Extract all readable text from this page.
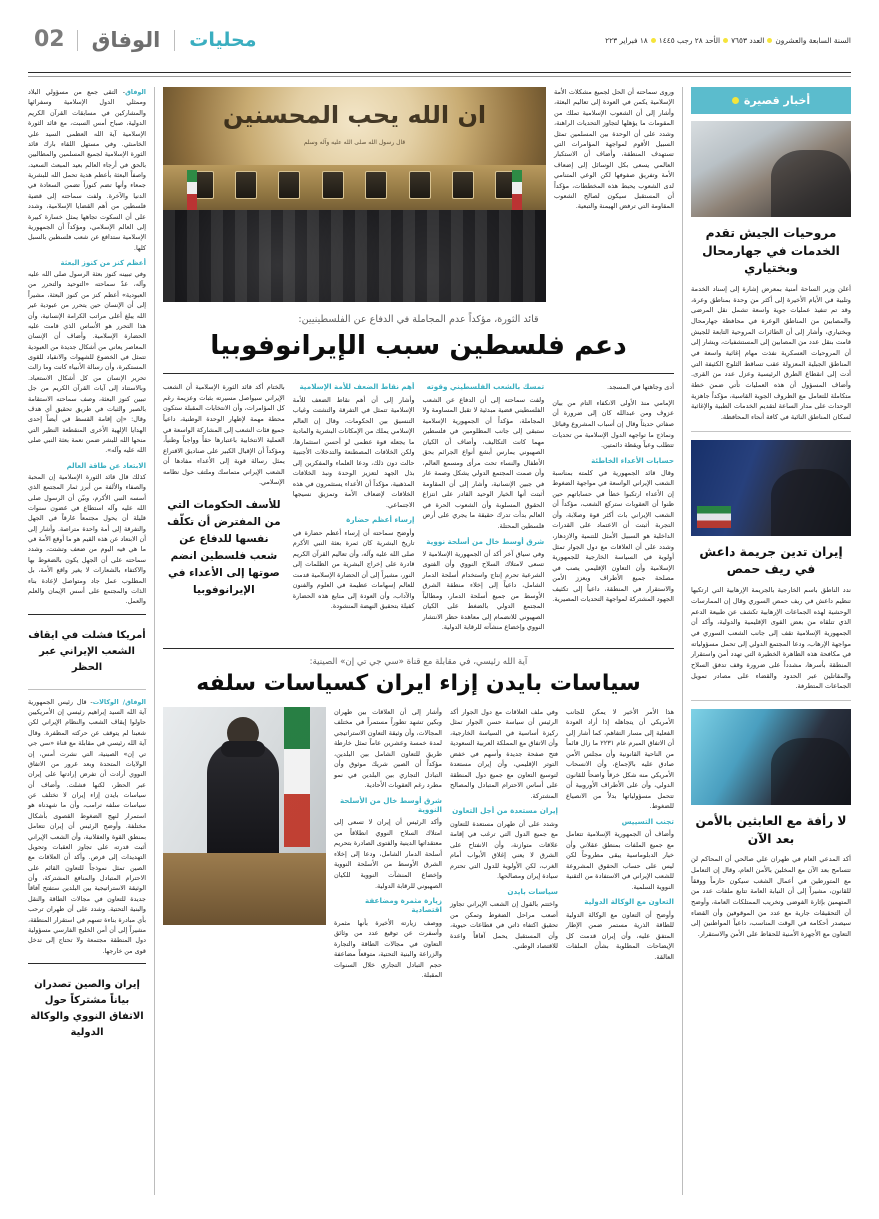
السنة السابعة والعشرون
العدد ٧٦٥٣
الأحد ٢٨ رجب ١٤٤٥
١٨ فبراير ٢٢٣
محليات
الوفاق
02
أخبار قصيرة
مروحيات الجيش تقدم الخدمات في جهارمحال وبختياري
أعلن وزير الساحة أمنية بمعرض إشارة إلى إسناد الخدمة وتلبية في الأيام الأخيرة إلى أكثر من وحدة بمناطق وعرة، وقد تم تنفيذ عمليات جوية واسعة تشمل نقل المرضى والمصابين من المناطق الوعرة في محافظة جهارمحال وبختياري، وأشار إلى أن الطائرات المروحية التابعة للجيش قامت بنقل عدد من المصابين إلى المستشفيات، ويشار إلى أن المروحيات العسكرية نفذت مهام إغاثية واسعة في المناطق الجبلية المعزولة عقب تساقط الثلوج الكثيفة التي أدت إلى انقطاع الطرق الرئيسية وعزل عدد من القرى. وأضاف المسؤول أن هذه العمليات تأتي ضمن خطة متكاملة للتعامل مع الظروف الجوية القاسية، مؤكداً جاهزية الوحدات على مدار الساعة لتقديم الخدمات الطبية والإغاثية لسكان المناطق النائية في كافة أنحاء المحافظة.
إيران تدين جريمة داعش في ريف حمص
ندد الناطق باسم الخارجية بالجريمة الإرهابية التي ارتكبها تنظيم داعش في ريف حمص السوري وقال إن الممارسات الوحشية لهذه الجماعات الإرهابية تكشف عن طبيعة الدعم الذي تتلقاه من بعض القوى الإقليمية والدولية، وأكد أن الجمهورية الإسلامية تقف إلى جانب الشعب السوري في مواجهة الإرهاب، ودعا المجتمع الدولي إلى تحمل مسؤولياته في مكافحة هذه الظاهرة الخطيرة التي تهدد أمن واستقرار المنطقة بأسرها، مشدداً على ضرورة وقف تدفق السلاح والمقاتلين عبر الحدود والقضاء على مصادر تمويل الجماعات المتطرفة.
لا رأفة مع العابثين بالأمن بعد الآن
أكد المدعي العام في طهران علي صالحي أن المحاكم لن تتسامح بعد الآن مع المخلين بالأمن العام، وقال إن التعامل مع المتورطين في أعمال الشغب سيكون حازماً ووفقاً للقانون، مشيراً إلى أن النيابة العامة تتابع ملفات عدد من المتهمين بإثارة الفوضى وتخريب الممتلكات العامة، وأوضح أن التحقيقات جارية مع عدد من الموقوفين وأن القضاء سيصدر أحكامه في الوقت المناسب، داعياً المواطنين إلى التعاون مع الأجهزة الأمنية للحفاظ على الأمن والاستقرار.
وروى سماحته أن الحل لجميع مشكلات الأمة الإسلامية يكمن في العودة إلى تعاليم البعثة، وأشار إلى أن الشعوب الإسلامية تملك من المقومات ما يؤهلها لتجاوز التحديات الراهنة، وشدد على أن الوحدة بين المسلمين تمثل السبيل الأقوم لمواجهة المؤامرات التي تستهدف المنطقة، وأضاف أن الاستكبار العالمي يسعى بكل الوسائل إلى إضعاف الأمة وتفريق صفوفها لكن الوعي المتنامي لدى الشعوب يحبط هذه المخططات، مؤكداً أن المستقبل سيكون لصالح الشعوب المقاومة التي ترفض الهيمنة والتبعية.
ان الله یحب المحسنین
قال رسول الله صلى الله عليه وآله وسلم
قائد الثورة، مؤكداً عدم المجاملة في الدفاع عن الفلسطينيين:
دعم فلسطين سبب الإيرانوفوبيا

أدى وجاهتها في المسجد.

الإمامي منذ الأولى الانكفاء التام من بيان عزوف ومن عبدالله كان إلى ضرورة أن صفاتي حديثاً وقال إن أسباب المشروع وقبائل ونماذج ما تواجهه الدول الإسلامية من تحديات تتطلب وعياً ويقظة دائمتين.

حسابات الأعداء الخاطئة

وقال قائد الجمهورية في كلمته بمناسبة الشعب الإيراني الواسعة في مواجهة الضغوط إن الأعداء ارتكبوا خطأ في حساباتهم حين ظنوا أن العقوبات ستركع الشعب، مؤكداً أن الشعب الإيراني بات أكثر قوة وصلابة، وأن التجربة أثبتت أن الاعتماد على القدرات الداخلية هو السبيل الأمثل للتنمية والازدهار، وشدد على أن العلاقات مع دول الجوار تمثل أولوية في السياسة الخارجية للجمهورية الإسلامية وأن التعاون الإقليمي يصب في مصلحة جميع الأطراف ويعزز الأمن والاستقرار في المنطقة، داعياً إلى تكثيف الجهود المشتركة لمواجهة التحديات المصيرية.

تمسك بالشعب الفلسطيني وقوته

ولفت سماحته إلى أن الدفاع عن الشعب الفلسطيني قضية مبدئية لا تقبل المساومة ولا المجاملة، مؤكداً أن الجمهورية الإسلامية ستبقى إلى جانب المظلومين في فلسطين مهما كانت التكاليف، وأضاف أن الكيان الصهيوني يمارس أبشع أنواع الجرائم بحق الأطفال والنساء تحت مرأى ومسمع العالم، وأن صمت المجتمع الدولي يشكل وصمة عار في جبين الإنسانية، وأشار إلى أن المقاومة أثبتت أنها الخيار الوحيد القادر على انتزاع الحقوق المسلوبة وأن الشعوب الحرة في العالم بدأت تدرك حقيقة ما يجري على أرض فلسطين المحتلة.

شرق أوسط خال من أسلحة نووية

وفي سياق آخر أكد أن الجمهورية الإسلامية لا تسعى لامتلاك السلاح النووي وأن الفتوى الشرعية تحرم إنتاج واستخدام أسلحة الدمار الشامل، داعياً إلى إخلاء منطقة الشرق الأوسط من جميع أسلحة الدمار، ومطالباً المجتمع الدولي بالضغط على الكيان الصهيوني للانضمام إلى معاهدة حظر الانتشار النووي وإخضاع منشآته للرقابة الدولية.

أهم نقاط الضعف للأمة الإسلامية

وأشار إلى أن أهم نقاط الضعف للأمة الإسلامية تتمثل في التفرقة والتشتت وغياب التنسيق بين الحكومات، وقال إن العالم الإسلامي يملك من الإمكانات البشرية والمادية ما يجعله قوة عظمى لو أحسن استثمارها، ولكن الخلافات المصطنعة والتدخلات الأجنبية حالت دون ذلك، ودعا العلماء والمفكرين إلى بذل الجهد لتعزيز الوحدة ونبذ الخلافات المذهبية، مؤكداً أن الأعداء يستثمرون في هذه الخلافات لإضعاف الأمة وتمزيق نسيجها الاجتماعي.

إرساء أعظم حضارة

وأوضح سماحته أن إرساء أعظم حضارة في تاريخ البشرية كان ثمرة بعثة النبي الأكرم صلى الله عليه وآله، وأن تعاليم القرآن الكريم قادرة على إخراج البشرية من الظلمات إلى النور، مشيراً إلى أن الحضارة الإسلامية قدمت للعالم إسهامات عظيمة في العلوم والفنون والآداب، وأن العودة إلى منابع هذه الحضارة كفيلة بتحقيق النهضة المنشودة.

بالختام أكد قائد الثورة الإسلامية أن الشعب الإيراني سيواصل مسيرته بثبات وعزيمة رغم كل المؤامرات، وأن الانتخابات المقبلة ستكون محطة مهمة لإظهار الوحدة الوطنية، داعياً جميع فئات الشعب إلى المشاركة الواسعة في العملية الانتخابية باعتبارها حقاً وواجباً وطنياً، ومؤكداً أن الإقبال الكبير على صناديق الاقتراع يمثل رسالة قوية إلى الأعداء مفادها أن الشعب الإيراني متماسك وملتف حول نظامه الإسلامي.

للأسف الحكومات التي من المفترض أن تكلّف نفسها للدفاع عن شعب فلسطين انضم صوتها إلى الأعداء في الإيرانوفوبيا
آية الله رئيسي، في مقابلة مع قناة «سي جي تي إن» الصينية:
سياسات بايدن إزاء ايران كسياسات سلفه

هذا الأمر الأخير لا يمكن للجانب الأمريكي أن يتجاهله إذا أراد العودة الفعلية إلى مسار التفاهم، كما أشار إلى أن الاتفاق المبرم عام ٢٢٣١ ما زال قائماً من الناحية القانونية وأن مجلس الأمن صادق عليه بالإجماع، وأن الانسحاب الأمريكي منه شكل خرقاً واضحاً للقانون الدولي، وأن على الأطراف الأوروبية أن تتحمل مسؤولياتها بدلاً من الانصياع للضغوط.

تجنب التسييس

وأضاف أن الجمهورية الإسلامية تتعامل مع جميع الملفات بمنطق عقلاني وأن خيار الدبلوماسية يبقى مطروحاً لكن ليس على حساب الحقوق المشروعة للشعب الإيراني في الاستفادة من التقنية النووية السلمية.

التعاون مع الوكالة الدولية

وأوضح أن التعاون مع الوكالة الدولية للطاقة الذرية مستمر ضمن الإطار المتفق عليه، وأن إيران قدمت كل الإيضاحات المطلوبة بشأن الملفات العالقة.

وفي ملف العلاقات مع دول الجوار أكد الرئيس أن سياسة حسن الجوار تمثل ركيزة أساسية في السياسة الخارجية، وأن الاتفاق مع المملكة العربية السعودية فتح صفحة جديدة وأسهم في خفض التوتر الإقليمي، وأن إيران مستعدة لتوسيع التعاون مع جميع دول المنطقة على أساس الاحترام المتبادل والمصالح المشتركة.

إيران مستعدة من أجل التعاون

وشدد على أن طهران مستعدة للتعاون مع جميع الدول التي ترغب في إقامة علاقات متوازنة، وأن الانفتاح على الشرق لا يعني إغلاق الأبواب أمام الغرب، لكن الأولوية للدول التي تحترم سيادة إيران ومصالحها.

سياسات بايدن

واختتم بالقول إن الشعب الإيراني تجاوز أصعب مراحل الضغوط وتمكن من تحقيق اكتفاء ذاتي في قطاعات حيوية، وأن المستقبل يحمل آفاقاً واعدة للاقتصاد الوطني.

وأشار إلى أن العلاقات بين طهران وبكين تشهد تطوراً مستمراً في مختلف المجالات، وأن وثيقة التعاون الاستراتيجي لمدة خمسة وعشرين عاماً تمثل خارطة طريق للتعاون الشامل بين البلدين، مؤكداً أن الصين شريك موثوق وأن التبادل التجاري بين البلدين في نمو مطرد رغم العقوبات الأحادية.

شرق أوسط خال من الأسلحة النووية

وأكد الرئيس أن إيران لا تسعى إلى امتلاك السلاح النووي انطلاقاً من معتقداتها الدينية والفتوى الصادرة بتحريم أسلحة الدمار الشامل، ودعا إلى إخلاء الشرق الأوسط من الأسلحة النووية وإخضاع المنشآت النووية للكيان الصهيوني للرقابة الدولية.

زيارة مثمرة ومضاعفة اقتصادية

ووصف زيارته الأخيرة بأنها مثمرة وأسفرت عن توقيع عدد من وثائق التعاون في مجالات الطاقة والتجارة والزراعة والبنية التحتية، متوقعاً مضاعفة حجم التبادل التجاري خلال السنوات المقبلة.

الوفاق- التقى جمع من مسؤولي البلاد وممثلي الدول الإسلامية وسفرائها والمشاركين في مسابقات القرآن الكريم الدولية، صباح أمس السبت، مع قائد الثورة الإسلامية آية الله العظمى السيد علي الخامنئي. وفي مستهل اللقاء بارك قائد الثورة الإسلامية لجميع المسلمين والمطالبين بالحق في أرجاء العالم بعيد المبعث السعيد، واصفاً البعثة بأعظم هدية تحمل الله للبشرية جمعاء وأنها تضم كنوزاً تضمن السعادة في الدنيا والآخرة. ولفت سماحته إلى قضية فلسطين من أهم القضايا الإسلامية، وشدد على أن السكوت تجاهها يمثل خسارة كبيرة إلى العالم الإسلامي، ومؤكداً أن الجمهورية الإسلامية ستدافع عن شعب فلسطين بالسبل كلها.

أعظم كنز من كنوز البعثة

وفي تبيينه كنوز بعثة الرسول صلى الله عليه وآله، عدّ سماحته «التوحيد والتحرر من العبودية» أعظم كنز من كنوز البعثة، مشيراً إلى أن الإنسان حين يتحرر من عبودية غير الله يبلغ أعلى مراتب الكرامة الإنسانية، وأن هذا التحرر هو الأساس الذي قامت عليه الحضارة الإسلامية. وأضاف أن الإنسان المعاصر يعاني من أشكال جديدة من العبودية تتمثل في الخضوع للشهوات والانقياد للقوى المستكبرة، وأن رسالة الأنبياء كانت وما زالت تحرير الإنسان من كل أشكال الاستعباد. وبالاستناد إلى آيات القرآن الكريم من جل تبيين كنوز البعثة، وصف سماحته الاستقامة بالصبر والثبات في طريق تحقيق أي هدف وقال: «إن إقامة القسط في أيضاً إحدى الهدايا الإلهية الأخرى المنقطعة النظير التي منحها الله للبشر ضمن نعمة بعثة النبي صلى الله عليه وآله».

الابتعاد عن طاقة العالم

كذلك قال قائد الثورة الإسلامية إن المحبة والصفاء والألفة من أبرز ثمار المجتمع الذي أسسه النبي الأكرم، وبيّن أن الرسول صلى الله عليه وآله استطاع في غضون سنوات قليلة أن يحول مجتمعاً غارقاً في الجهل والتفرقة إلى أمة واحدة متراصة. وأشار إلى أن الابتعاد عن هذه القيم هو ما أوقع الأمة في ما هي فيه اليوم من ضعف وتشتت، وشدد سماحته على أن الجهل يكون بالضغوط بها والاكتفاء بالشعارات لا يغير واقع الأمة، بل المطلوب عمل جاد ومتواصل لإعادة بناء الذات والمجتمع على أسس الإيمان والعلم والعمل.

أمريكا فشلت في ايقاف الشعب الإيراني عبر الحظر

الوفاق/ الوكالات- قال رئيس الجمهورية آية الله السيد إبراهيم رئيسي إن الأمريكيين حاولوا إيقاف الشعب والنظام الإيراني لكن شعبنا لم يتوقف عن حركته المظفرة. وقال آية الله رئيسي في مقابلة مع قناة «سي جي تي إن» الصينية، التي نشرت أمس، إن الولايات المتحدة وبعد غرور من الاتفاق النووي أرادت أن تفرض إرادتها على إيران عبر الحظر، لكنها فشلت. وأضاف أن سياسات بايدن إزاء إيران لا تختلف عن سياسات سلفه ترامب، وأن ما شهدناه هو استمرار لنهج الضغوط القصوى بأشكال مختلفة. وأوضح الرئيس أن إيران تتعامل بمنطق القوة والعقلانية، وأن الشعب الإيراني أثبت قدرته على تجاوز العقبات وتحويل التهديدات إلى فرص. وأكد أن العلاقات مع الصين تمثل نموذجاً للتعاون القائم على الاحترام المتبادل والمنافع المشتركة، وأن الوثيقة الاستراتيجية بين البلدين ستفتح آفاقاً جديدة للتعاون في مجالات الطاقة والنقل والبنية التحتية. وشدد على أن طهران ترحب بأي مبادرة بناءة تسهم في استقرار المنطقة، مشيراً إلى أن أمن الخليج الفارسي مسؤولية دول المنطقة مجتمعة ولا تحتاج إلى تدخل قوى من خارجها.

إيران والصين تصدران بياناً مشتركاً حول الاتفاق النووي والوكالة الدولية
